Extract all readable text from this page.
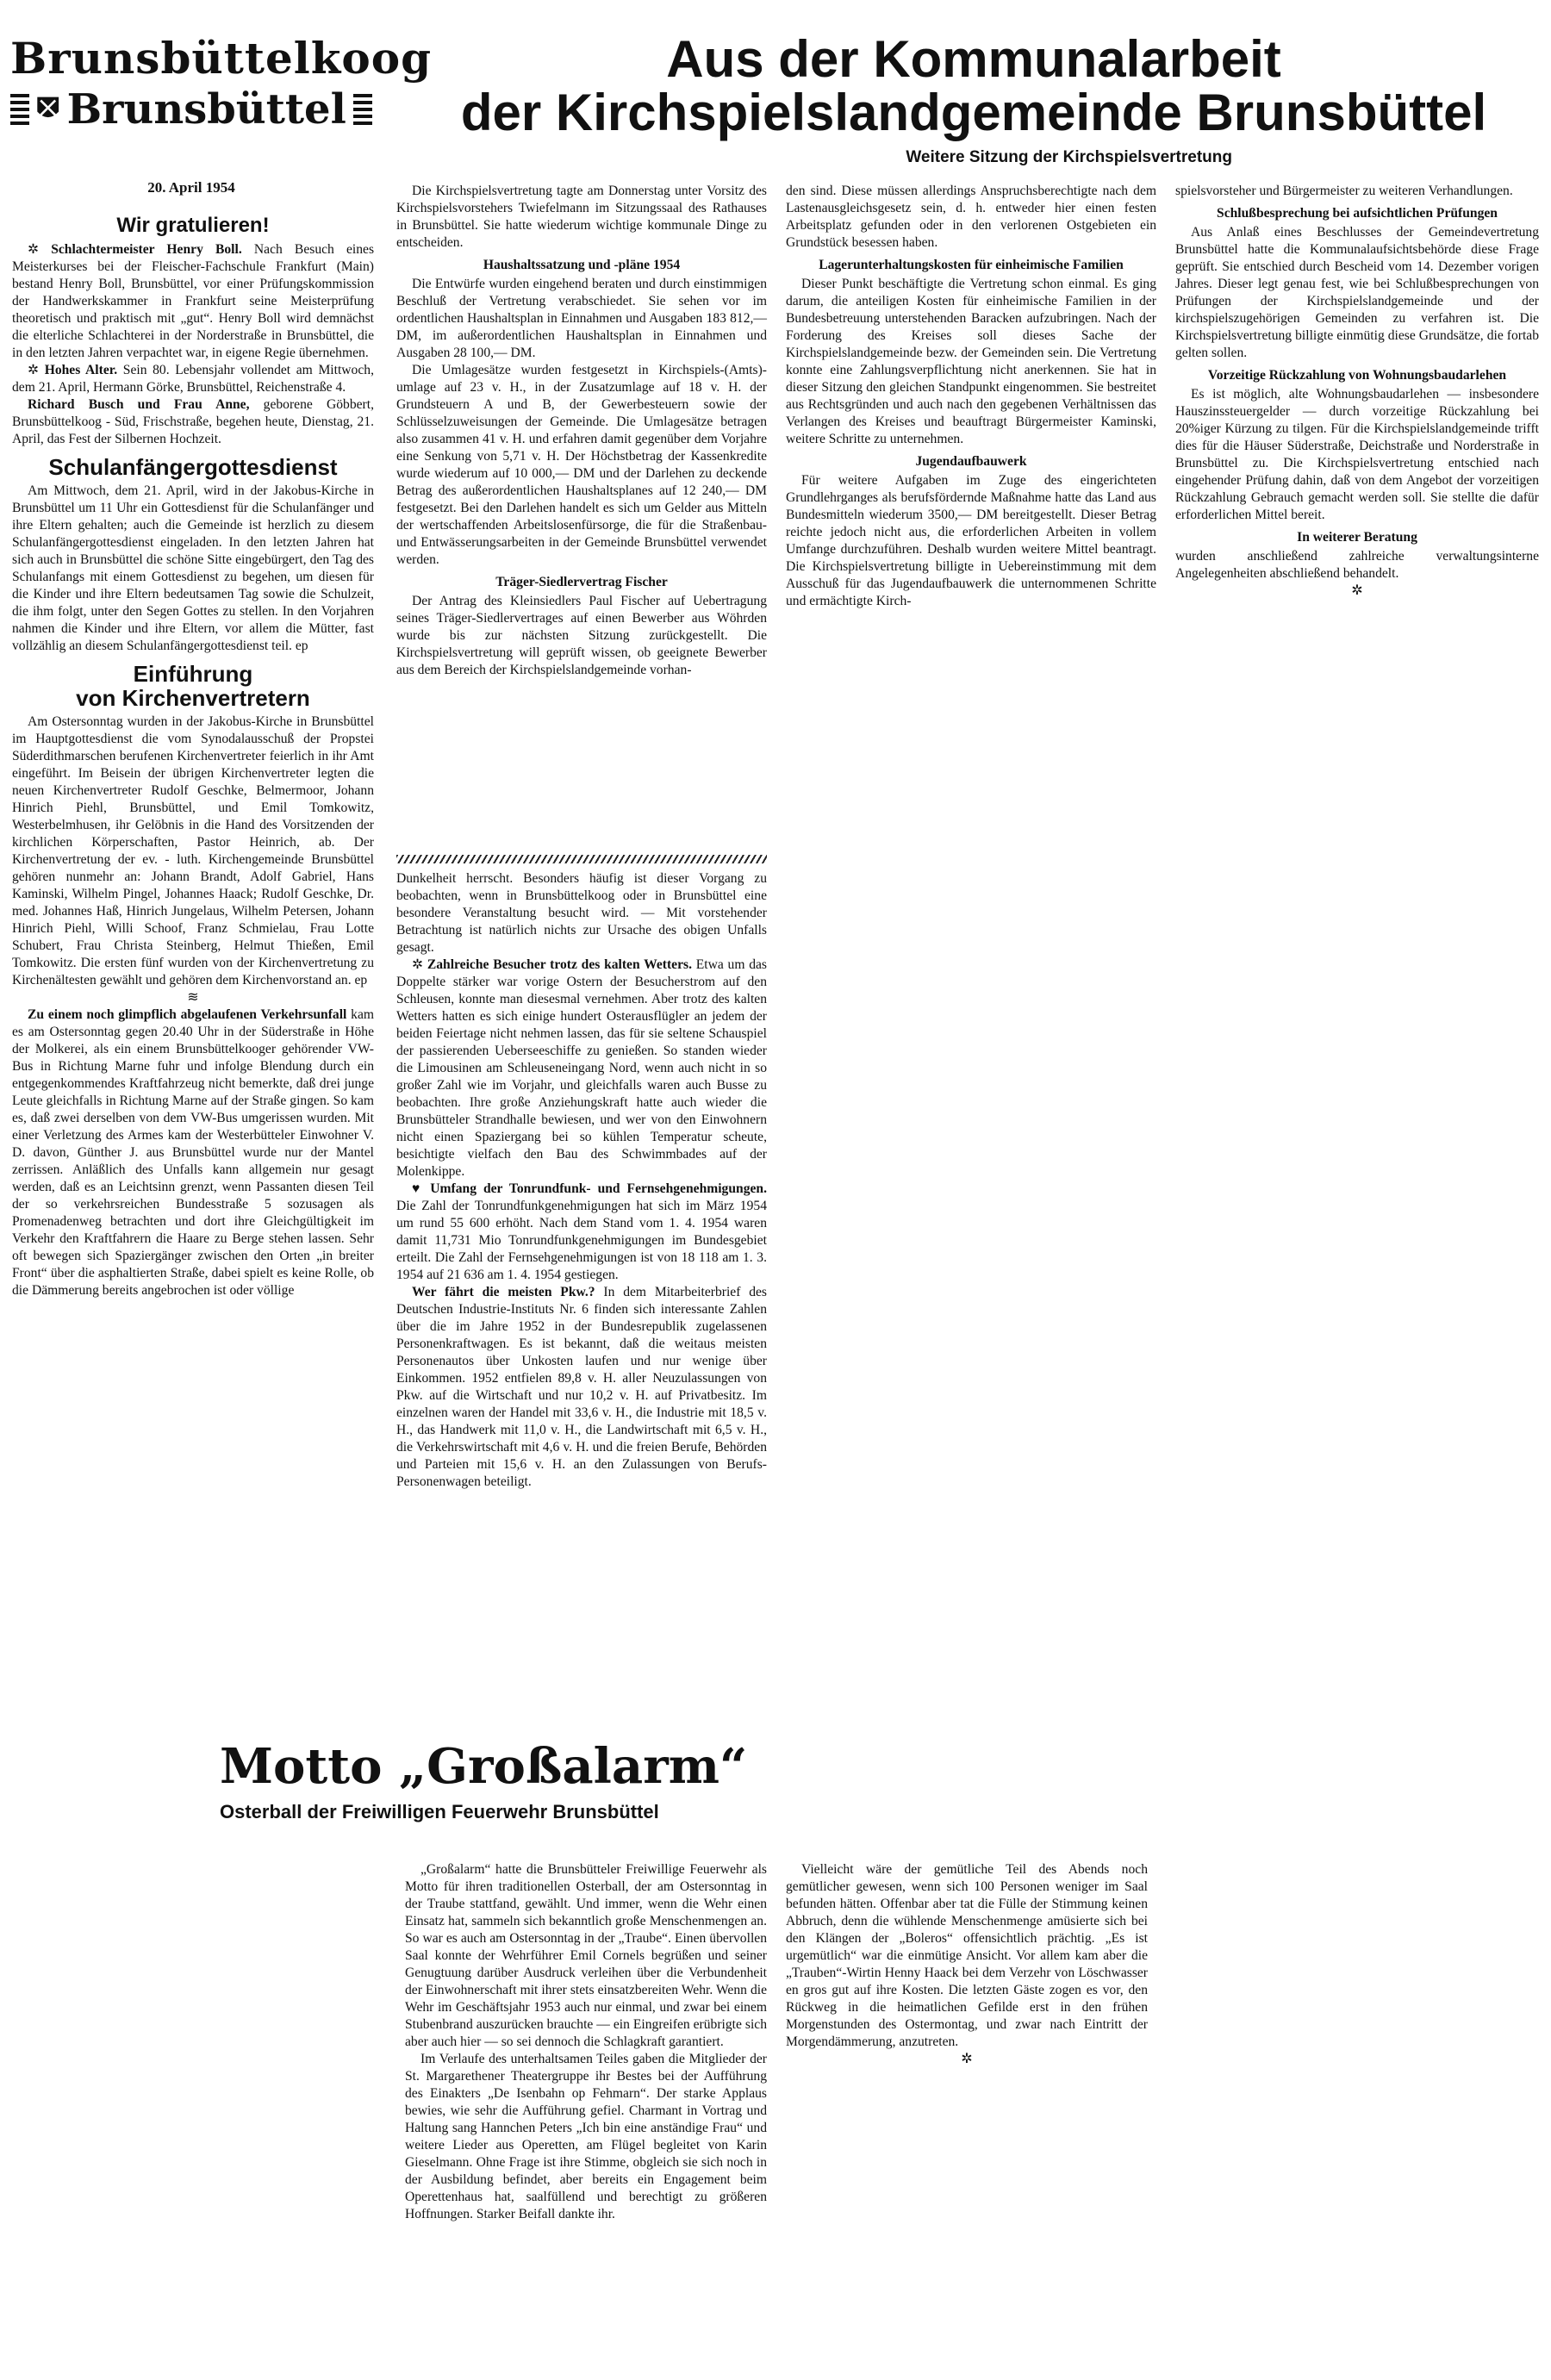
Brunsbüttelkoog
Brunsbüttel
20. April 1954
Aus der Kommunalarbeit
der Kirchspielslandgemeinde Brunsbüttel
Weitere Sitzung der Kirchspielsvertretung
Wir gratulieren!

✲ Schlachtermeister Henry Boll. Nach Besuch eines Meisterkurses bei der Fleischer-Fachschule Frankfurt (Main) bestand Henry Boll, Brunsbüttel, vor einer Prüfungskommission der Handwerkskammer in Frankfurt seine Meisterprüfung theoretisch und praktisch mit „gut“. Henry Boll wird demnächst die elterliche Schlachterei in der Norderstraße in Brunsbüttel, die in den letzten Jahren verpachtet war, in eigene Regie übernehmen.

✲ Hohes Alter. Sein 80. Lebensjahr vollendet am Mittwoch, dem 21. April, Hermann Görke, Brunsbüttel, Reichenstraße 4.

Richard Busch und Frau Anne, geborene Göbbert, Brunsbüttelkoog - Süd, Frischstraße, begehen heute, Dienstag, 21. April, das Fest der Silbernen Hochzeit.

Schulanfängergottesdienst

Am Mittwoch, dem 21. April, wird in der Jakobus-Kirche in Brunsbüttel um 11 Uhr ein Gottesdienst für die Schulanfänger und ihre Eltern gehalten; auch die Gemeinde ist herzlich zu diesem Schulanfängergottesdienst eingeladen. In den letzten Jahren hat sich auch in Brunsbüttel die schöne Sitte eingebürgert, den Tag des Schulanfangs mit einem Gottesdienst zu begehen, um diesen für die Kinder und ihre Eltern bedeutsamen Tag sowie die Schulzeit, die ihm folgt, unter den Segen Gottes zu stellen. In den Vorjahren nahmen die Kinder und ihre Eltern, vor allem die Mütter, fast vollzählig an diesem Schulanfängergottesdienst teil. ep

Einführung
von Kirchenvertretern

Am Ostersonntag wurden in der Jakobus-Kirche in Brunsbüttel im Hauptgottesdienst die vom Synodalausschuß der Propstei Süderdithmarschen berufenen Kirchenvertreter feierlich in ihr Amt eingeführt. Im Beisein der übrigen Kirchenvertreter legten die neuen Kirchenvertreter Rudolf Geschke, Belmermoor, Johann Hinrich Piehl, Brunsbüttel, und Emil Tomkowitz, Westerbelmhusen, ihr Gelöbnis in die Hand des Vorsitzenden der kirchlichen Körperschaften, Pastor Heinrich, ab. Der Kirchenvertretung der ev. - luth. Kirchengemeinde Brunsbüttel gehören nunmehr an: Johann Brandt, Adolf Gabriel, Hans Kaminski, Wilhelm Pingel, Johannes Haack; Rudolf Geschke, Dr. med. Johannes Haß, Hinrich Jungelaus, Wilhelm Petersen, Johann Hinrich Piehl, Willi Schoof, Franz Schmielau, Frau Lotte Schubert, Frau Christa Steinberg, Helmut Thießen, Emil Tomkowitz. Die ersten fünf wurden von der Kirchenvertretung zu Kirchenältesten gewählt und gehören dem Kirchenvorstand an. ep

≋

Zu einem noch glimpflich abgelaufenen Verkehrsunfall kam es am Ostersonntag gegen 20.40 Uhr in der Süderstraße in Höhe der Molkerei, als ein einem Brunsbüttelkooger gehörender VW-Bus in Richtung Marne fuhr und infolge Blendung durch ein entgegenkommendes Kraftfahrzeug nicht bemerkte, daß drei junge Leute gleichfalls in Richtung Marne auf der Straße gingen. So kam es, daß zwei derselben von dem VW-Bus umgerissen wurden. Mit einer Verletzung des Armes kam der Westerbütteler Einwohner V. D. davon, Günther J. aus Brunsbüttel wurde nur der Mantel zerrissen. Anläßlich des Unfalls kann allgemein nur gesagt werden, daß es an Leichtsinn grenzt, wenn Passanten diesen Teil der so verkehrsreichen Bundesstraße 5 sozusagen als Promenadenweg betrachten und dort ihre Gleichgültigkeit im Verkehr den Kraftfahrern die Haare zu Berge stehen lassen. Sehr oft bewegen sich Spaziergänger zwischen den Orten „in breiter Front“ über die asphaltierten Straße, dabei spielt es keine Rolle, ob die Dämmerung bereits angebrochen ist oder völlige

Die Kirchspielsvertretung tagte am Donnerstag unter Vorsitz des Kirchspielsvorstehers Twiefelmann im Sitzungssaal des Rathauses in Brunsbüttel. Sie hatte wiederum wichtige kommunale Dinge zu entscheiden.

Haushaltssatzung und -pläne 1954

Die Entwürfe wurden eingehend beraten und durch einstimmigen Beschluß der Vertretung verabschiedet. Sie sehen vor im ordentlichen Haushaltsplan in Einnahmen und Ausgaben 183 812,— DM, im außerordentlichen Haushaltsplan in Einnahmen und Ausgaben 28 100,— DM.

Die Umlagesätze wurden festgesetzt in Kirchspiels-(Amts)-umlage auf 23 v. H., in der Zusatzumlage auf 18 v. H. der Grundsteuern A und B, der Gewerbesteuern sowie der Schlüsselzuweisungen der Gemeinde. Die Umlagesätze betragen also zusammen 41 v. H. und erfahren damit gegenüber dem Vorjahre eine Senkung von 5,71 v. H. Der Höchstbetrag der Kassenkredite wurde wiederum auf 10 000,— DM und der Darlehen zu deckende Betrag des außerordentlichen Haushaltsplanes auf 12 240,— DM festgesetzt. Bei den Darlehen handelt es sich um Gelder aus Mitteln der wertschaffenden Arbeitslosenfürsorge, die für die Straßenbau- und Entwässerungsarbeiten in der Gemeinde Brunsbüttel verwendet werden.

Träger-Siedlervertrag Fischer

Der Antrag des Kleinsiedlers Paul Fischer auf Uebertragung seines Träger-Siedlervertrages auf einen Bewerber aus Wöhrden wurde bis zur nächsten Sitzung zurückgestellt. Die Kirchspielsvertretung will geprüft wissen, ob geeignete Bewerber aus dem Bereich der Kirchspielslandgemeinde vorhan-

den sind. Diese müssen allerdings Anspruchsberechtigte nach dem Lastenausgleichsgesetz sein, d. h. entweder hier einen festen Arbeitsplatz gefunden oder in den verlorenen Ostgebieten ein Grundstück besessen haben.

Lagerunterhaltungskosten für einheimische Familien

Dieser Punkt beschäftigte die Vertretung schon einmal. Es ging darum, die anteiligen Kosten für einheimische Familien in der Bundesbetreuung unterstehenden Baracken aufzubringen. Nach der Forderung des Kreises soll dieses Sache der Kirchspielslandgemeinde bezw. der Gemeinden sein. Die Vertretung konnte eine Zahlungsverpflichtung nicht anerkennen. Sie hat in dieser Sitzung den gleichen Standpunkt eingenommen. Sie bestreitet aus Rechtsgründen und auch nach den gegebenen Verhältnissen das Verlangen des Kreises und beauftragt Bürgermeister Kaminski, weitere Schritte zu unternehmen.

Jugendaufbauwerk

Für weitere Aufgaben im Zuge des eingerichteten Grundlehrganges als berufsfördernde Maßnahme hatte das Land aus Bundesmitteln wiederum 3500,— DM bereitgestellt. Dieser Betrag reichte jedoch nicht aus, die erforderlichen Arbeiten in vollem Umfange durchzuführen. Deshalb wurden weitere Mittel beantragt. Die Kirchspielsvertretung billigte in Uebereinstimmung mit dem Ausschuß für das Jugendaufbauwerk die unternommenen Schritte und ermächtigte Kirch-

spielsvorsteher und Bürgermeister zu weiteren Verhandlungen.

Schlußbesprechung bei aufsichtlichen Prüfungen

Aus Anlaß eines Beschlusses der Gemeindevertretung Brunsbüttel hatte die Kommunalaufsichtsbehörde diese Frage geprüft. Sie entschied durch Bescheid vom 14. Dezember vorigen Jahres. Dieser legt genau fest, wie bei Schlußbesprechungen von Prüfungen der Kirchspielslandgemeinde und der kirchspielszugehörigen Gemeinden zu verfahren ist. Die Kirchspielsvertretung billigte einmütig diese Grundsätze, die fortab gelten sollen.

Vorzeitige Rückzahlung von Wohnungsbaudarlehen

Es ist möglich, alte Wohnungsbaudarlehen — insbesondere Hauszinssteuergelder — durch vorzeitige Rückzahlung bei 20%iger Kürzung zu tilgen. Für die Kirchspielslandgemeinde trifft dies für die Häuser Süderstraße, Deichstraße und Norderstraße in Brunsbüttel zu. Die Kirchspielsvertretung entschied nach eingehender Prüfung dahin, daß von dem Angebot der vorzeitigen Rückzahlung Gebrauch gemacht werden soll. Sie stellte die dafür erforderlichen Mittel bereit.

In weiterer Beratung

wurden anschließend zahlreiche verwaltungsinterne Angelegenheiten abschließend behandelt.

✲

Dunkelheit herrscht. Besonders häufig ist dieser Vorgang zu beobachten, wenn in Brunsbüttelkoog oder in Brunsbüttel eine besondere Veranstaltung besucht wird. — Mit vorstehender Betrachtung ist natürlich nichts zur Ursache des obigen Unfalls gesagt.

✲ Zahlreiche Besucher trotz des kalten Wetters. Etwa um das Doppelte stärker war vorige Ostern der Besucherstrom auf den Schleusen, konnte man diesesmal vernehmen. Aber trotz des kalten Wetters hatten es sich einige hundert Osterausflügler an jedem der beiden Feiertage nicht nehmen lassen, das für sie seltene Schauspiel der passierenden Ueberseeschiffe zu genießen. So standen wieder die Limousinen am Schleuseneingang Nord, wenn auch nicht in so großer Zahl wie im Vorjahr, und gleichfalls waren auch Busse zu beobachten. Ihre große Anziehungskraft hatte auch wieder die Brunsbütteler Strandhalle bewiesen, und wer von den Einwohnern nicht einen Spaziergang bei so kühlen Temperatur scheute, besichtigte vielfach den Bau des Schwimmbades auf der Molenkippe.

♥ Umfang der Tonrundfunk- und Fernsehgenehmigungen. Die Zahl der Tonrundfunkgenehmigungen hat sich im März 1954 um rund 55 600 erhöht. Nach dem Stand vom 1. 4. 1954 waren damit 11,731 Mio Tonrundfunkgenehmigungen im Bundesgebiet erteilt. Die Zahl der Fernsehgenehmigungen ist von 18 118 am 1. 3. 1954 auf 21 636 am 1. 4. 1954 gestiegen.

Wer fährt die meisten Pkw.? In dem Mitarbeiterbrief des Deutschen Industrie-Instituts Nr. 6 finden sich interessante Zahlen über die im Jahre 1952 in der Bundesrepublik zugelassenen Personenkraftwagen. Es ist bekannt, daß die weitaus meisten Personenautos über Unkosten laufen und nur wenige über Einkommen. 1952 entfielen 89,8 v. H. aller Neuzulassungen von Pkw. auf die Wirtschaft und nur 10,2 v. H. auf Privatbesitz. Im einzelnen waren der Handel mit 33,6 v. H., die Industrie mit 18,5 v. H., das Handwerk mit 11,0 v. H., die Landwirtschaft mit 6,5 v. H., die Verkehrswirtschaft mit 4,6 v. H. und die freien Berufe, Behörden und Parteien mit 15,6 v. H. an den Zulassungen von Berufs-Personenwagen beteiligt.

Motto „Großalarm“
Osterball der Freiwilligen Feuerwehr Brunsbüttel

„Großalarm“ hatte die Brunsbütteler Freiwillige Feuerwehr als Motto für ihren traditionellen Osterball, der am Ostersonntag in der Traube stattfand, gewählt. Und immer, wenn die Wehr einen Einsatz hat, sammeln sich bekanntlich große Menschenmengen an. So war es auch am Ostersonntag in der „Traube“. Einen übervollen Saal konnte der Wehrführer Emil Cornels begrüßen und seiner Genugtuung darüber Ausdruck verleihen über die Verbundenheit der Einwohnerschaft mit ihrer stets einsatzbereiten Wehr. Wenn die Wehr im Geschäftsjahr 1953 auch nur einmal, und zwar bei einem Stubenbrand auszurücken brauchte — ein Eingreifen erübrigte sich aber auch hier — so sei dennoch die Schlagkraft garantiert.

Im Verlaufe des unterhaltsamen Teiles gaben die Mitglieder der St. Margarethener Theatergruppe ihr Bestes bei der Aufführung des Einakters „De Isenbahn op Fehmarn“. Der starke Applaus bewies, wie sehr die Aufführung gefiel. Charmant in Vortrag und Haltung sang Hannchen Peters „Ich bin eine anständige Frau“ und weitere Lieder aus Operetten, am Flügel begleitet von Karin Gieselmann. Ohne Frage ist ihre Stimme, obgleich sie sich noch in der Ausbildung befindet, aber bereits ein Engagement beim Operettenhaus hat, saalfüllend und berechtigt zu größeren Hoffnungen. Starker Beifall dankte ihr.

Vielleicht wäre der gemütliche Teil des Abends noch gemütlicher gewesen, wenn sich 100 Personen weniger im Saal befunden hätten. Offenbar aber tat die Fülle der Stimmung keinen Abbruch, denn die wühlende Menschenmenge amüsierte sich bei den Klängen der „Boleros“ offensichtlich prächtig. „Es ist urgemütlich“ war die einmütige Ansicht. Vor allem kam aber die „Trauben“-Wirtin Henny Haack bei dem Verzehr von Löschwasser en gros gut auf ihre Kosten. Die letzten Gäste zogen es vor, den Rückweg in die heimatlichen Gefilde erst in den frühen Morgenstunden des Ostermontag, und zwar nach Eintritt der Morgendämmerung, anzutreten.

✲
